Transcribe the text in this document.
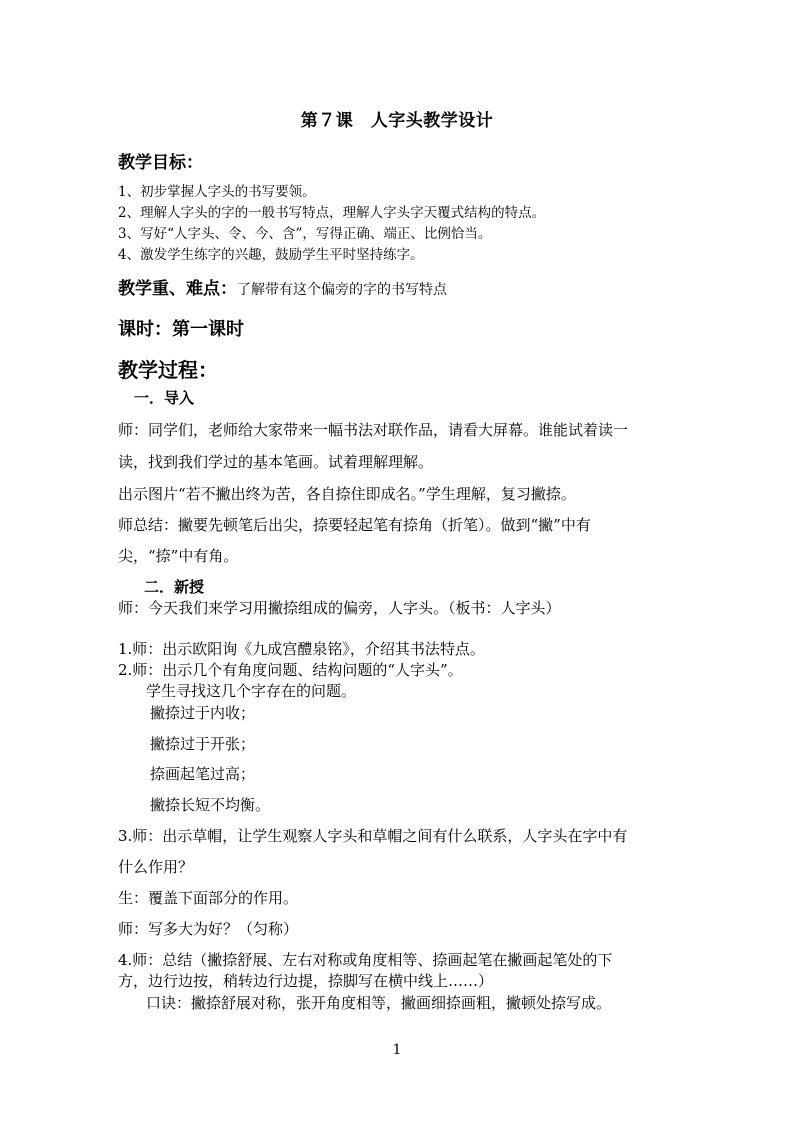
第７课　人字头教学设计
教学目标：
1、初步掌握人字头的书写要领。
2、理解人字头的字的一般书写特点，理解人字头字天覆式结构的特点。
3、写好“人字头、令、今、含”，写得正确、端正、比例恰当。
4、激发学生练字的兴趣，鼓励学生平时坚持练字。
教学重、难点：了解带有这个偏旁的字的书写特点
课时：第一课时
教学过程：
一．导入
师：同学们，老师给大家带来一幅书法对联作品，请看大屏幕。谁能试着读一
读，找到我们学过的基本笔画。试着理解理解。
出示图片“若不撇出终为苦，各自捺住即成名。”学生理解，复习撇捺。
师总结：撇要先顿笔后出尖，捺要轻起笔有捺角（折笔）。做到“撇”中有
尖，“捺”中有角。
二．新授
师：今天我们来学习用撇捺组成的偏旁，人字头。（板书：人字头）
1.师：出示欧阳询《九成宫醴泉铭》，介绍其书法特点。
2.师：出示几个有角度问题、结构问题的“人字头”。
学生寻找这几个字存在的问题。
撇捺过于内收；
撇捺过于开张；
捺画起笔过高；
撇捺长短不均衡。
3.师：出示草帽，让学生观察人字头和草帽之间有什么联系，人字头在字中有
什么作用？
生：覆盖下面部分的作用。
师：写多大为好？（匀称）
4.师：总结（撇捺舒展、左右对称或角度相等、捺画起笔在撇画起笔处的下
方，边行边按，稍转边行边提，捺脚写在横中线上……）
口诀：撇捺舒展对称，张开角度相等，撇画细捺画粗，撇顿处捺写成。
1
